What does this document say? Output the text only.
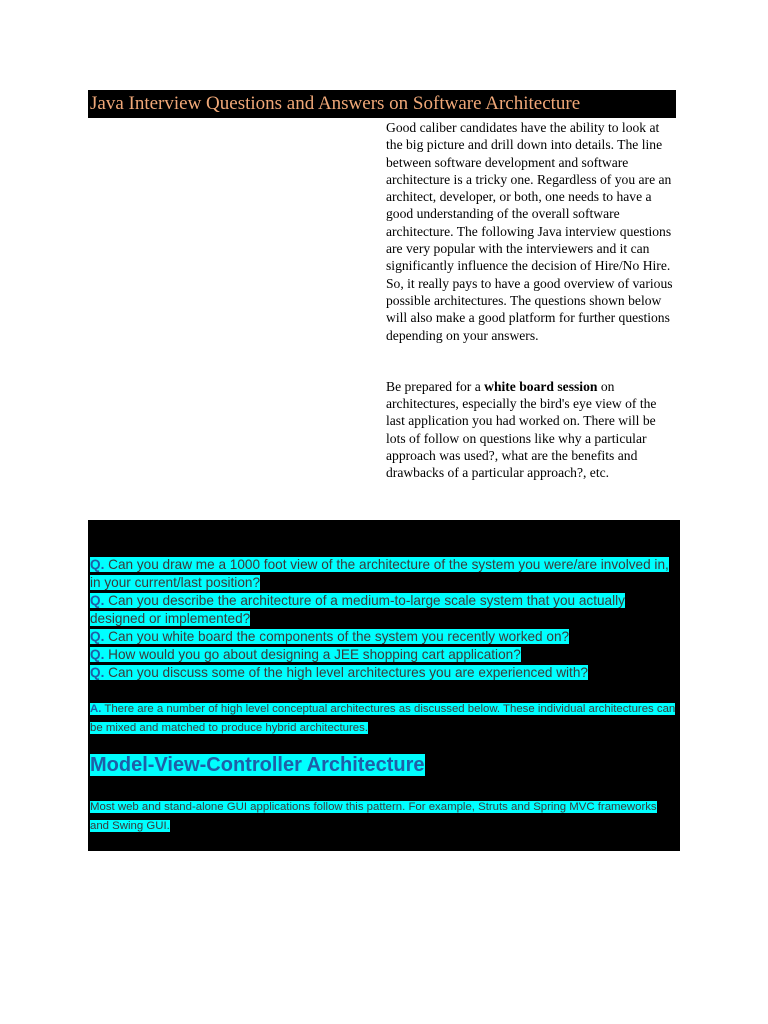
Java Interview Questions and Answers on Software Architecture

Good caliber candidates have the ability to look at the big picture and drill down into details. The line between software development and software architecture is a tricky one. Regardless of you are an architect, developer, or both, one needs to have a good understanding of the overall software architecture. The following Java interview questions are very popular with the interviewers and it can significantly influence the decision of Hire/No Hire. So, it really pays to have a good overview of various possible architectures. The questions shown below will also make a good platform for further questions depending on your answers.

Be prepared for a white board session on architectures, especially the bird's eye view of the last application you had worked on. There will be lots of follow on questions like why a particular approach was used?, what are the benefits and drawbacks of a particular approach?, etc.

Q. Can you draw me a 1000 foot view of the architecture of the system you were/are involved in, in your current/last position?
Q. Can you describe the architecture of a medium-to-large scale system that you actually designed or implemented?
Q. Can you white board the components of the system you recently worked on?
Q. How would you go about designing a JEE shopping cart application?
Q. Can you discuss some of the high level architectures you are experienced with?

A. There are a number of high level conceptual architectures as discussed below. These individual architectures can be mixed and matched to produce hybrid architectures.

Model-View-Controller Architecture

Most web and stand-alone GUI applications follow this pattern. For example, Struts and Spring MVC frameworks and Swing GUI.
